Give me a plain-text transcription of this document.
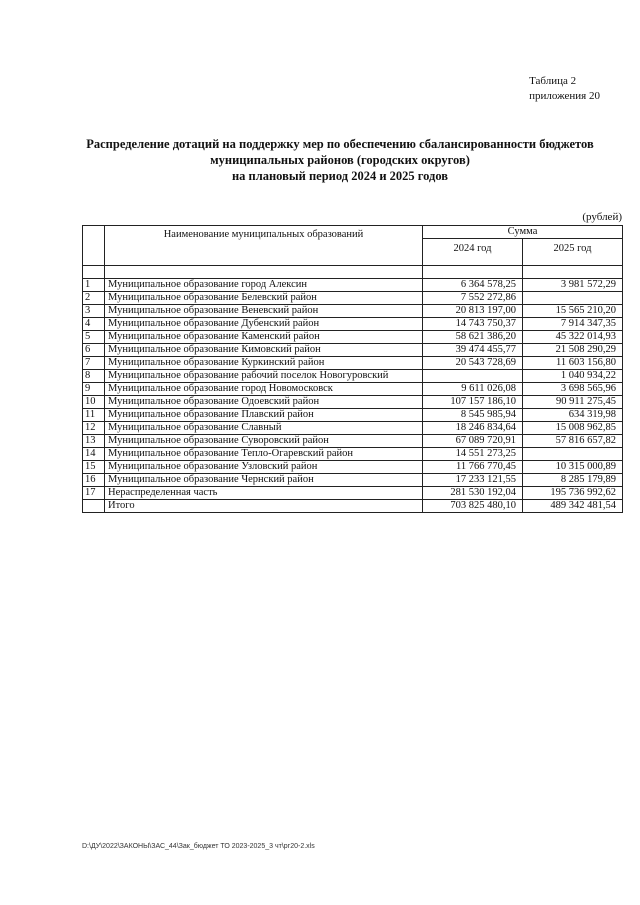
Таблица 2
приложения 20
Распределение дотаций на поддержку мер по обеспечению сбалансированности бюджетов
муниципальных районов (городских округов)
на плановый период 2024 и 2025 годов
(рублей)
	Наименование муниципальных образований	Сумма	
		2024 год	2025 год

1	Муниципальное образование город Алексин	6 364 578,25	3 981 572,29
2	Муниципальное образование Белевский район	7 552 272,86	
3	Муниципальное образование Веневский район	20 813 197,00	15 565 210,20
4	Муниципальное образование Дубенский район	14 743 750,37	7 914 347,35
5	Муниципальное образование Каменский район	58 621 386,20	45 322 014,93
6	Муниципальное образование Кимовский район	39 474 455,77	21 508 290,29
7	Муниципальное образование Куркинский район	20 543 728,69	11 603 156,80
8	Муниципальное образование рабочий поселок Новогуровский		1 040 934,22
9	Муниципальное образование город Новомосковск	9 611 026,08	3 698 565,96
10	Муниципальное образование Одоевский район	107 157 186,10	90 911 275,45
11	Муниципальное образование Плавский район	8 545 985,94	634 319,98
12	Муниципальное образование Славный	18 246 834,64	15 008 962,85
13	Муниципальное образование Суворовский район	67 089 720,91	57 816 657,82
14	Муниципальное образование Тепло-Огаревский район	14 551 273,25	
15	Муниципальное образование Узловский район	11 766 770,45	10 315 000,89
16	Муниципальное образование Чернский район	17 233 121,55	8 285 179,89
17	Нераспределенная часть	281 530 192,04	195 736 992,62
	Итого	703 825 480,10	489 342 481,54
D:\ДУ\2022\ЗАКОНЫ\ЗАС_44\Зак_бюджет ТО 2023-2025_3 чт\рг20-2.xls
